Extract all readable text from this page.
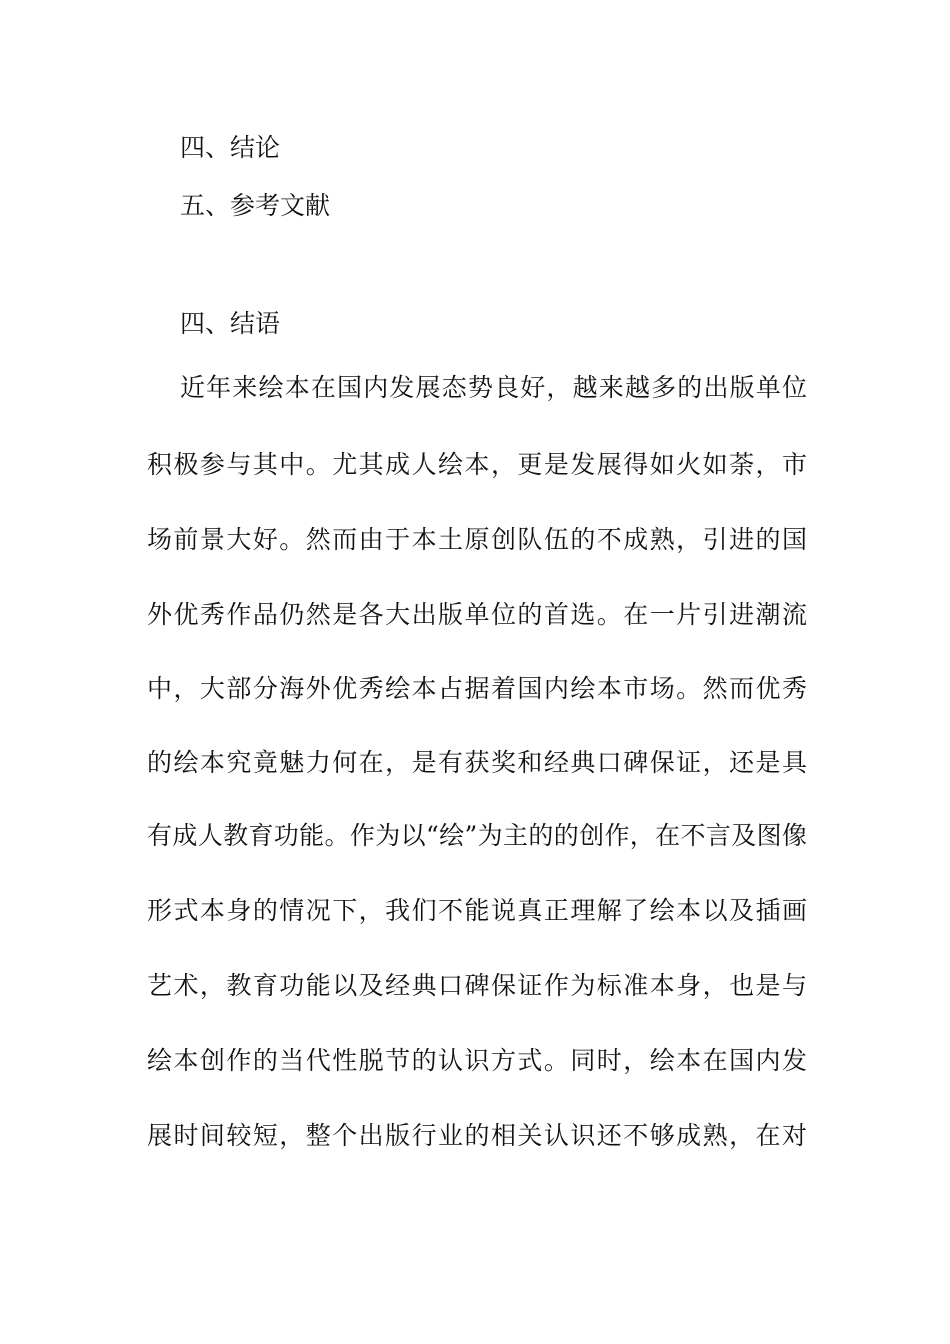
四、结论

五、参考文献

四、结语

近年来绘本在国内发展态势良好，越来越多的出版单位

积极参与其中。尤其成人绘本，更是发展得如火如荼，市

场前景大好。然而由于本土原创队伍的不成熟，引进的国

外优秀作品仍然是各大出版单位的首选。在一片引进潮流

中，大部分海外优秀绘本占据着国内绘本市场。然而优秀

的绘本究竟魅力何在，是有获奖和经典口碑保证，还是具

有成人教育功能。作为以“绘”为主的的创作，在不言及图像

形式本身的情况下，我们不能说真正理解了绘本以及插画

艺术，教育功能以及经典口碑保证作为标准本身，也是与

绘本创作的当代性脱节的认识方式。同时，绘本在国内发

展时间较短，整个出版行业的相关认识还不够成熟，在对
